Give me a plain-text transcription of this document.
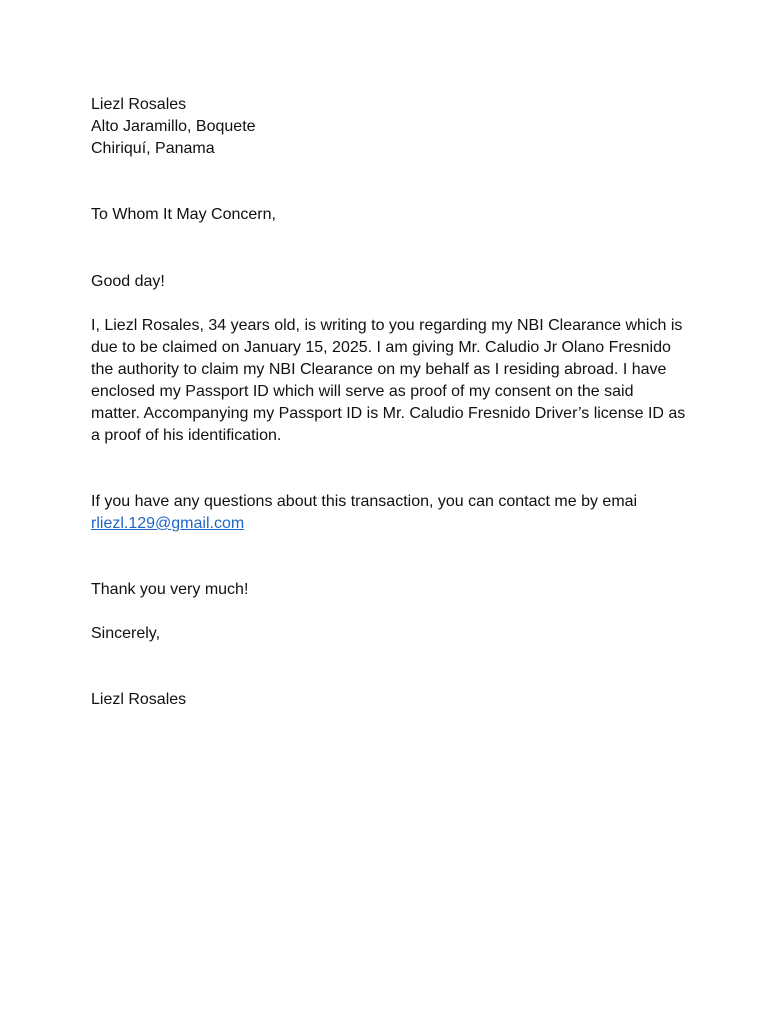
Liezl Rosales
Alto Jaramillo, Boquete
Chiriquí, Panama
To Whom It May Concern,
Good day!
I, Liezl Rosales, 34 years old, is writing to you regarding my NBI Clearance which is
due to be claimed on January 15, 2025. I am giving Mr. Caludio Jr Olano Fresnido
the authority to claim my NBI Clearance on my behalf as I residing abroad. I have
enclosed my Passport ID which will serve as proof of my consent on the said
matter. Accompanying my Passport ID is Mr. Caludio Fresnido Driver’s license ID as
a proof of his identification.
If you have any questions about this transaction, you can contact me by emai
rliezl.129@gmail.com
Thank you very much!
Sincerely,
Liezl Rosales
